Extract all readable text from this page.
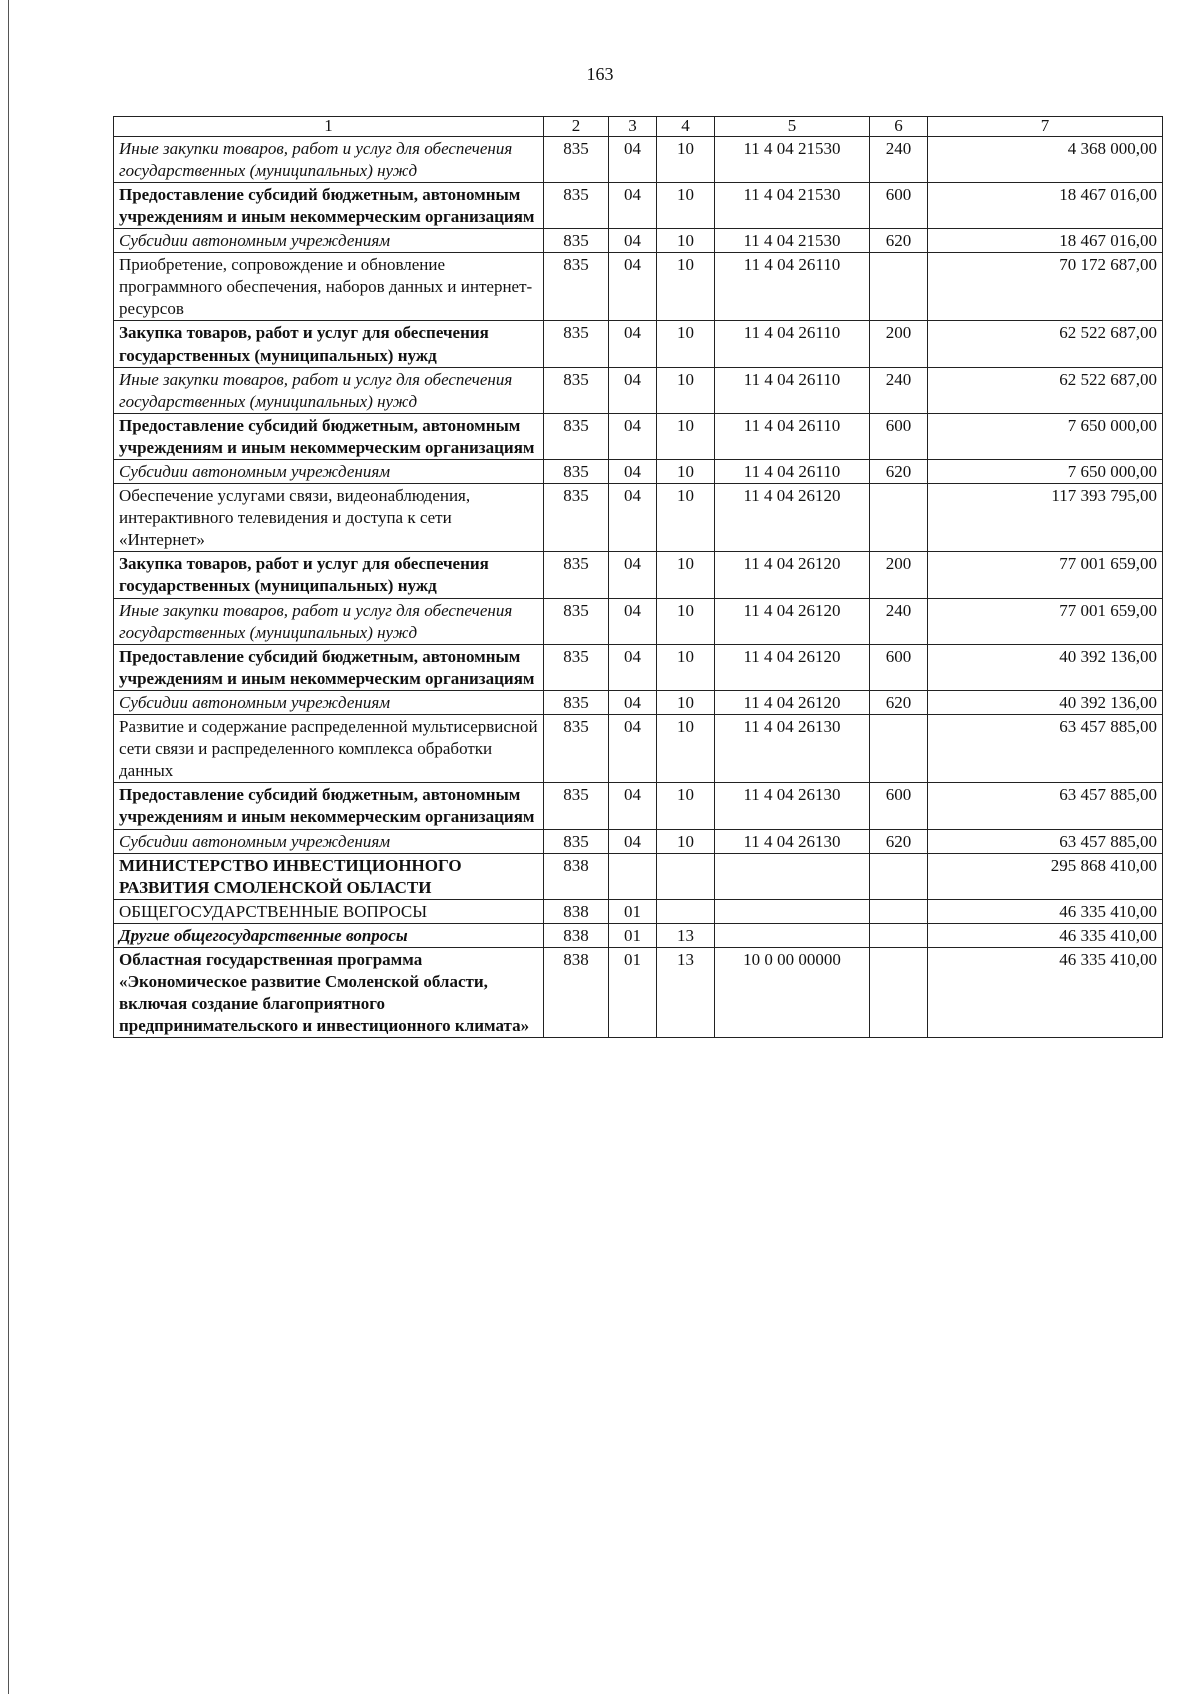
163
1	2	3	4	5	6	7

Иные закупки товаров, работ и услуг для обеспечения государственных (муниципальных) нужд	835	04	10	11 4 04 21530	240	4 368 000,00

Предоставление субсидий бюджетным, автономным учреждениям и иным некоммерческим организациям	835	04	10	11 4 04 21530	600	18 467 016,00

Субсидии автономным учреждениям	835	04	10	11 4 04 21530	620	18 467 016,00

Приобретение, сопровождение и обновление программного обеспечения, наборов данных и интернет-ресурсов	835	04	10	11 4 04 26110		70 172 687,00

Закупка товаров, работ и услуг для обеспечения государственных (муниципальных) нужд	835	04	10	11 4 04 26110	200	62 522 687,00

Иные закупки товаров, работ и услуг для обеспечения государственных (муниципальных) нужд	835	04	10	11 4 04 26110	240	62 522 687,00

Предоставление субсидий бюджетным, автономным учреждениям и иным некоммерческим организациям	835	04	10	11 4 04 26110	600	7 650 000,00

Субсидии автономным учреждениям	835	04	10	11 4 04 26110	620	7 650 000,00

Обеспечение услугами связи, видеонаблюдения, интерактивного телевидения и доступа к сети «Интернет»	835	04	10	11 4 04 26120		117 393 795,00

Закупка товаров, работ и услуг для обеспечения государственных (муниципальных) нужд	835	04	10	11 4 04 26120	200	77 001 659,00

Иные закупки товаров, работ и услуг для обеспечения государственных (муниципальных) нужд	835	04	10	11 4 04 26120	240	77 001 659,00

Предоставление субсидий бюджетным, автономным учреждениям и иным некоммерческим организациям	835	04	10	11 4 04 26120	600	40 392 136,00

Субсидии автономным учреждениям	835	04	10	11 4 04 26120	620	40 392 136,00

Развитие и содержание распределенной мультисервисной сети связи и распределенного комплекса обработки данных	835	04	10	11 4 04 26130		63 457 885,00

Предоставление субсидий бюджетным, автономным учреждениям и иным некоммерческим организациям	835	04	10	11 4 04 26130	600	63 457 885,00

Субсидии автономным учреждениям	835	04	10	11 4 04 26130	620	63 457 885,00

МИНИСТЕРСТВО ИНВЕСТИЦИОННОГО РАЗВИТИЯ СМОЛЕНСКОЙ ОБЛАСТИ	838					295 868 410,00

ОБЩЕГОСУДАРСТВЕННЫЕ ВОПРОСЫ	838	01				46 335 410,00

Другие общегосударственные вопросы	838	01	13			46 335 410,00

Областная государственная программа «Экономическое развитие Смоленской области, включая создание благоприятного предпринимательского и инвестиционного климата»	838	01	13	10 0 00 00000		46 335 410,00
